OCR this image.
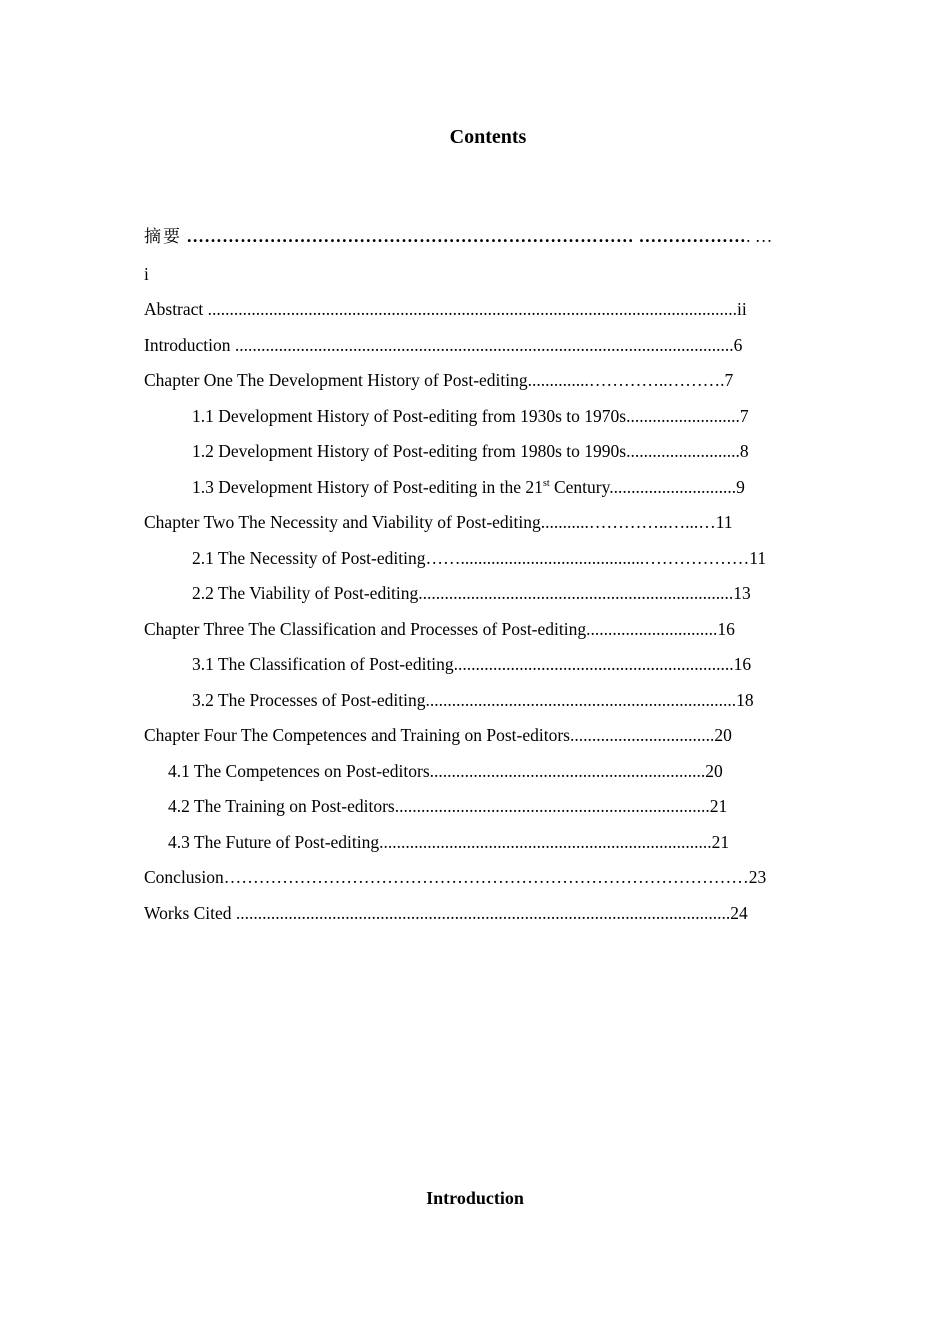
Contents
摘要 ………………………………………………………………… ………………. …
i
Abstract .........................................................................................................................ii
Introduction ..................................................................................................................6
Chapter One The Development History of Post-editing..............…………..……….7
1.1 Development History of Post-editing from 1930s to 1970s..........................7
1.2 Development History of Post-editing from 1980s to 1990s..........................8
1.3 Development History of Post-editing in the 21st Century.............................9
Chapter Two The Necessity and Viability of Post-editing...........…………..…...…11
2.1 The Necessity of Post-editing……..........................................………………11
2.2 The Viability of Post-editing........................................................................13
Chapter Three The Classification and Processes of Post-editing..............................16
3.1 The Classification of Post-editing................................................................16
3.2 The Processes of Post-editing.......................................................................18
Chapter Four The Competences and Training on Post-editors.................................20
4.1 The Competences on Post-editors...............................................................20
4.2 The Training on Post-editors........................................................................21
4.3 The Future of Post-editing............................................................................21
Conclusion………………………………………………………………………………23
Works Cited .................................................................................................................24
Introduction
